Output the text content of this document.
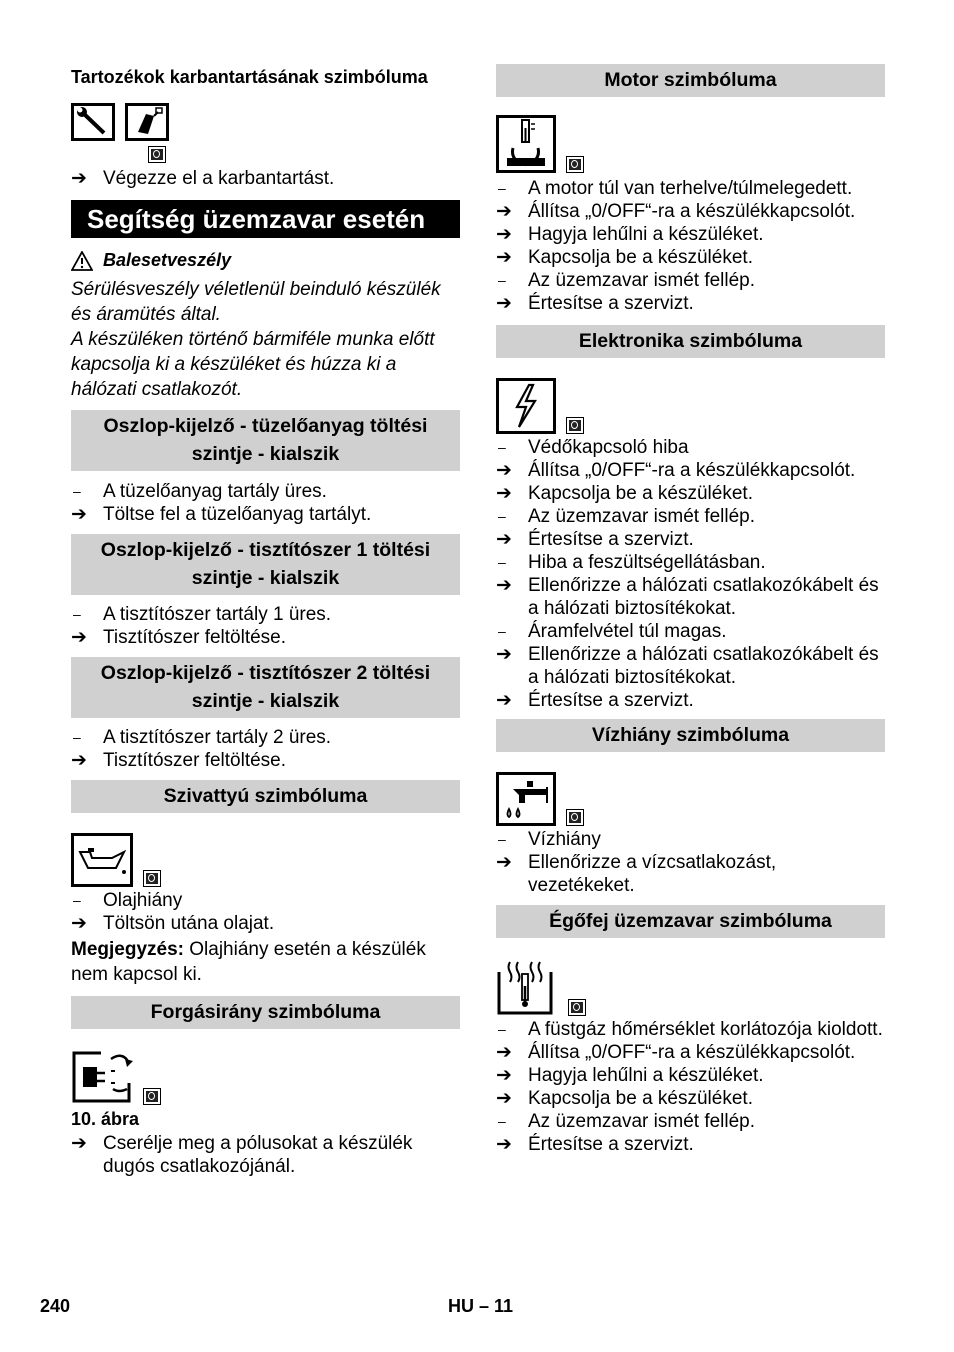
Tartozékok karbantartásának szimbóluma

➔ Végezze el a karbantartást.
Segítség üzemzavar esetén

Balesetveszély

Sérülésveszély véletlenül beinduló készülék és áramütés által.

A készüléken történő bármiféle munka előtt kapcsolja ki a készüléket és húzza ki a hálózati csatlakozót.

Oszlop-kijelző - tüzelőanyag töltési szintje - kialszik
–	A tüzelőanyag tartály üres.
➔ Töltse fel a tüzelőanyag tartályt.
Oszlop-kijelző - tisztítószer 1 töltési szintje - kialszik
–	A tisztítószer tartály 1 üres.
➔ Tisztítószer feltöltése.
Oszlop-kijelző - tisztítószer 2 töltési szintje - kialszik
–	A tisztítószer tartály 2 üres.
➔ Tisztítószer feltöltése.
Szivattyú szimbóluma
–	Olajhiány
➔ Töltsön utána olajat.

Megjegyzés: Olajhiány esetén a készülék nem kapcsol ki.

Forgásirány szimbóluma

10. ábra

➔ Cserélje meg a pólusokat a készülék dugós csatlakozójánál.
Motor szimbóluma
–	A motor túl van terhelve/túlmelegedett.
➔ Állítsa „0/OFF“-ra a készülékkapcsolót.
➔ Hagyja lehűlni a készüléket.
➔ Kapcsolja be a készüléket.
–	Az üzemzavar ismét fellép.
➔ Értesítse a szervizt.
Elektronika szimbóluma
–	Védőkapcsoló hiba
➔ Állítsa „0/OFF“-ra a készülékkapcsolót.
➔ Kapcsolja be a készüléket.
–	Az üzemzavar ismét fellép.
➔ Értesítse a szervizt.
–	Hiba a feszültségellátásban.
➔ Ellenőrizze a hálózati csatlakozókábelt és a hálózati biztosítékokat.
–	Áramfelvétel túl magas.
➔ Ellenőrizze a hálózati csatlakozókábelt és a hálózati biztosítékokat.
➔ Értesítse a szervizt.
Vízhiány szimbóluma
–	Vízhiány
➔ Ellenőrizze a vízcsatlakozást, vezetékeket.
Égőfej üzemzavar szimbóluma
–	A füstgáz hőmérséklet korlátozója kioldott.
➔ Állítsa „0/OFF“-ra a készülékkapcsolót.
➔ Hagyja lehűlni a készüléket.
➔ Kapcsolja be a készüléket.
–	Az üzemzavar ismét fellép.
➔ Értesítse a szervizt.
240	HU – 11
